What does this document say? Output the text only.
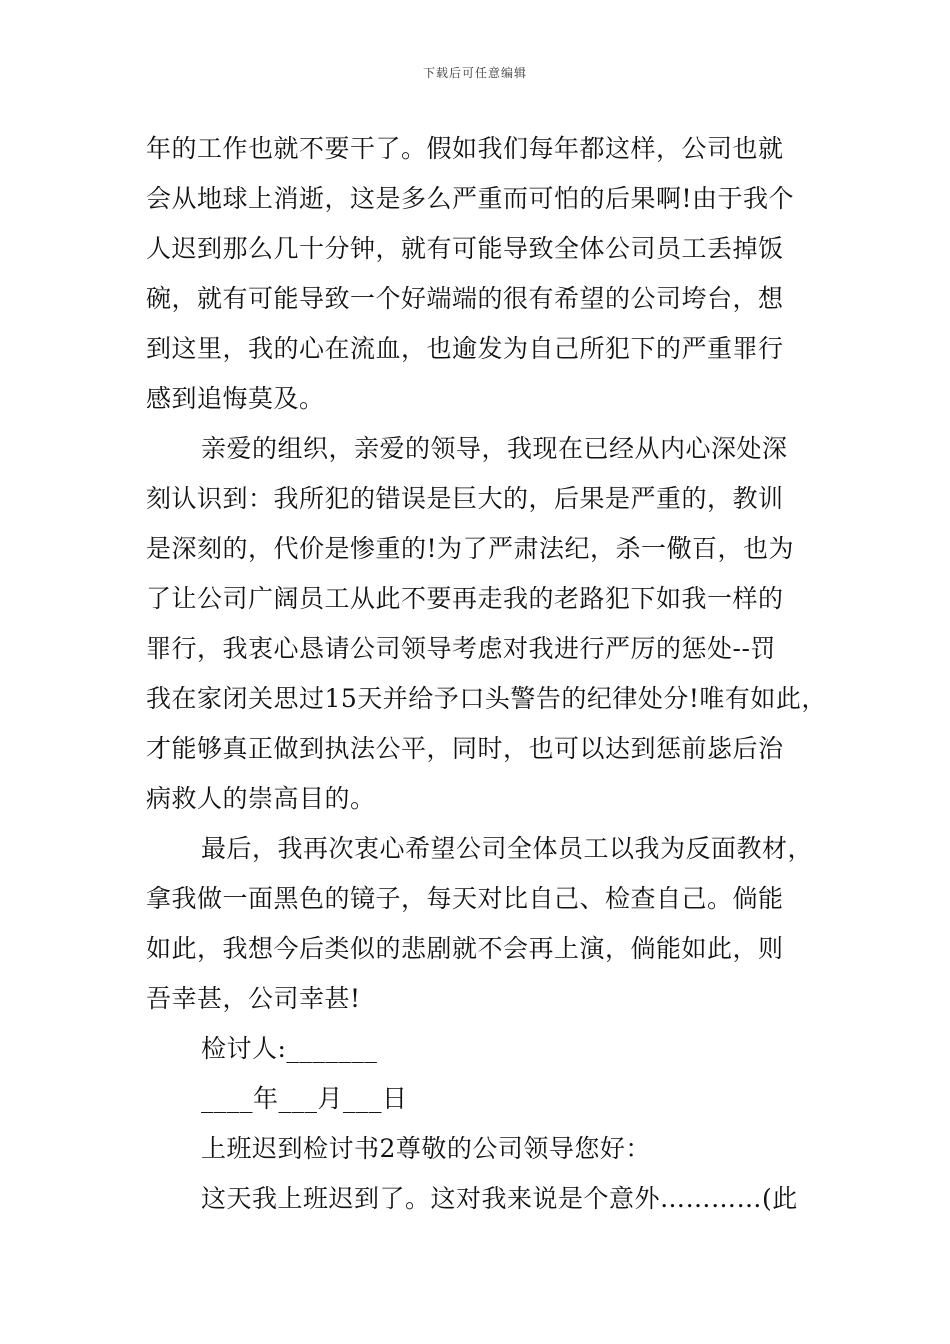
下载后可任意编辑
年的工作也就不要干了。假如我们每年都这样，公司也就
会从地球上消逝，这是多么严重而可怕的后果啊!由于我个
人迟到那么几十分钟，就有可能导致全体公司员工丢掉饭
碗，就有可能导致一个好端端的很有希望的公司垮台，想
到这里，我的心在流血，也逾发为自己所犯下的严重罪行
感到追悔莫及。
亲爱的组织，亲爱的领导，我现在已经从内心深处深
刻认识到：我所犯的错误是巨大的，后果是严重的，教训
是深刻的，代价是惨重的!为了严肃法纪，杀一儆百，也为
了让公司广阔员工从此不要再走我的老路犯下如我一样的
罪行，我衷心恳请公司领导考虑对我进行严厉的惩处--罚
我在家闭关思过15天并给予口头警告的纪律处分!唯有如此，
才能够真正做到执法公平，同时，也可以达到惩前毖后治
病救人的崇高目的。
最后，我再次衷心希望公司全体员工以我为反面教材，
拿我做一面黑色的镜子，每天对比自己、检查自己。倘能
如此，我想今后类似的悲剧就不会再上演，倘能如此，则
吾幸甚，公司幸甚!
检讨人:_______
____年___月___日
上班迟到检讨书2尊敬的公司领导您好：
这天我上班迟到了。这对我来说是个意外…………(此
